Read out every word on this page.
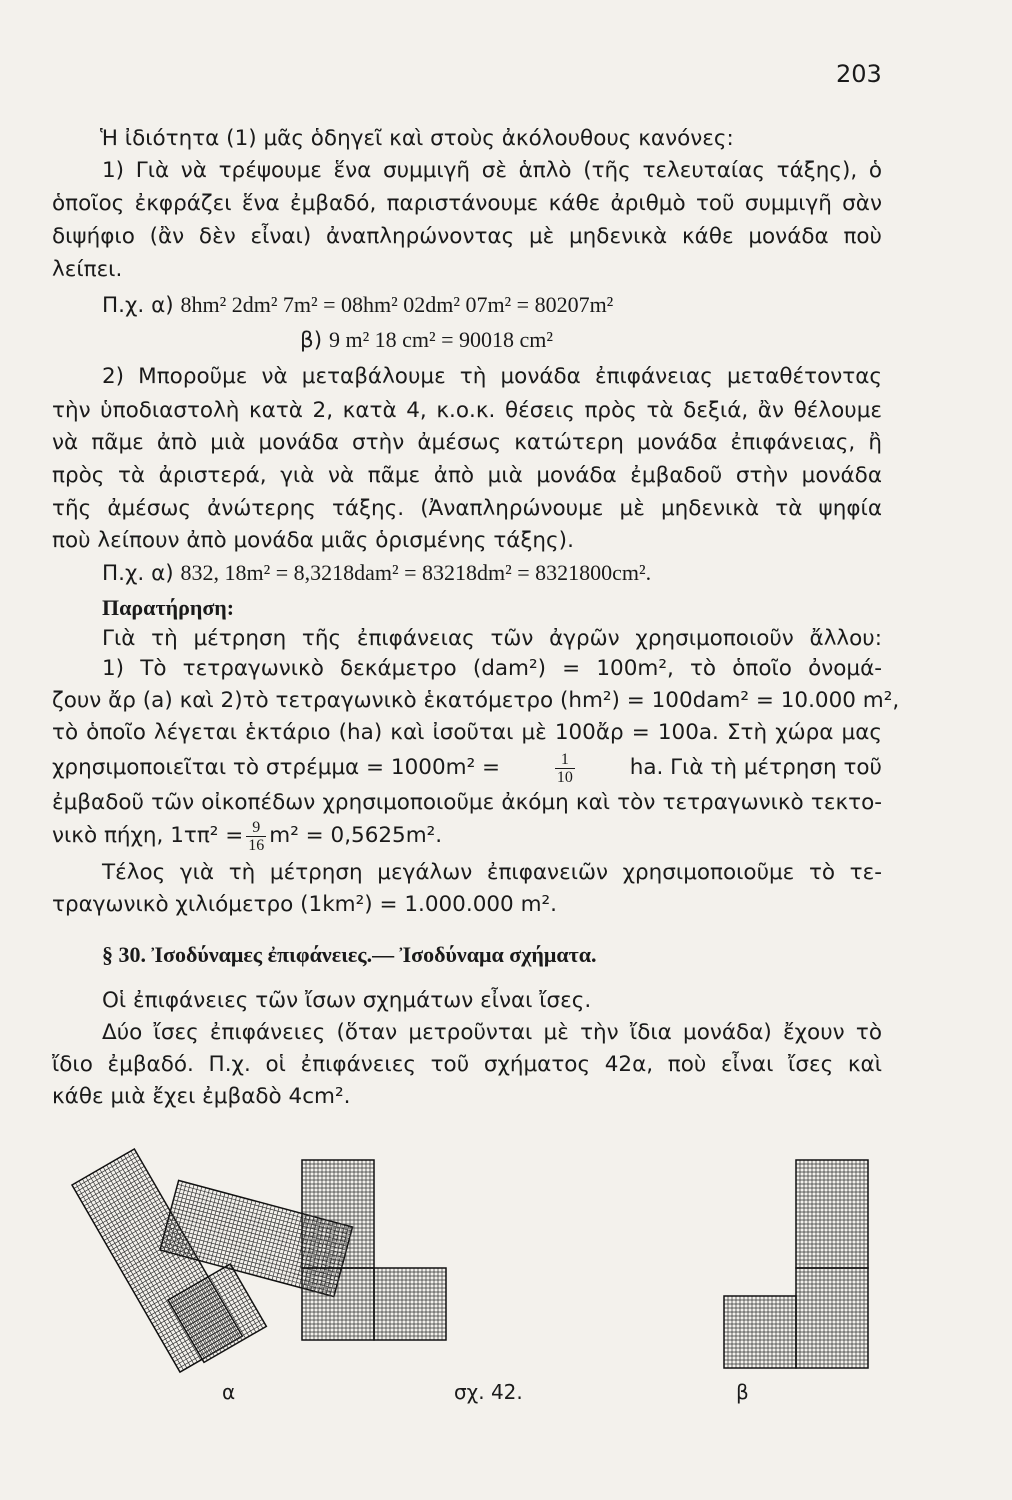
203
Ἡ ἰδιότητα (1) μᾶς ὁδηγεῖ καὶ στοὺς ἀκόλουθους κανόνες:
1) Γιὰ νὰ τρέψουμε ἕνα συμμιγῆ σὲ ἁπλὸ (τῆς τελευταίας τάξης), ὁ
ὁποῖος ἐκφράζει ἕνα ἐμβαδό, παριστάνουμε κάθε ἀριθμὸ τοῦ συμμιγῆ σὰν
διψήφιο (ἂν δὲν εἶναι) ἀναπληρώνοντας μὲ μηδενικὰ κάθε μονάδα ποὺ
λείπει.
Π.χ. α) 8hm² 2dm² 7m² = 08hm² 02dm² 07m² = 80207m²
β) 9 m² 18 cm² = 90018 cm²
2) Μποροῦμε νὰ μεταβάλουμε τὴ μονάδα ἐπιφάνειας μεταθέτοντας
τὴν ὑποδιαστολὴ κατὰ 2, κατὰ 4, κ.ο.κ. θέσεις πρὸς τὰ δεξιά, ἂν θέλουμε
νὰ πᾶμε ἀπὸ μιὰ μονάδα στὴν ἀμέσως κατώτερη μονάδα ἐπιφάνειας, ἢ
πρὸς τὰ ἀριστερά, γιὰ νὰ πᾶμε ἀπὸ μιὰ μονάδα ἐμβαδοῦ στὴν μονάδα
τῆς ἀμέσως ἀνώτερης τάξης. (Ἀναπληρώνουμε μὲ μηδενικὰ τὰ ψηφία
ποὺ λείπουν ἀπὸ μονάδα μιᾶς ὁρισμένης τάξης).
Π.χ. α) 832, 18m² = 8,3218dam² = 83218dm² = 8321800cm².
Παρατήρηση:
Γιὰ τὴ μέτρηση τῆς ἐπιφάνειας τῶν ἀγρῶν χρησιμοποιοῦν ἄλλου:
1) Τὸ τετραγωνικὸ δεκάμετρο (dam²) = 100m², τὸ ὁποῖο ὀνομά-
ζουν ἄρ (a) καὶ 2)τὸ τετραγωνικὸ ἑκατόμετρο (hm²) = 100dam² = 10.000 m²,
τὸ ὁποῖο λέγεται ἑκτάριο (ha) καὶ ἰσοῦται μὲ 100ἄρ = 100a. Στὴ χώρα μας
χρησιμοποιεῖται τὸ στρέμμα = 1000m² =	$\frac{1}{10}$	ha. Γιὰ τὴ μέτρηση τοῦ
ἐμβαδοῦ τῶν οἰκοπέδων χρησιμοποιοῦμε ἀκόμη καὶ τὸν τετραγωνικὸ τεκτο-
νικὸ πήχη, $1\tau\pi^2 = \frac{9}{16} m^2 = 0,5625m^2$.
Τέλος γιὰ τὴ μέτρηση μεγάλων ἐπιφανειῶν χρησιμοποιοῦμε τὸ τε-
τραγωνικὸ χιλιόμετρο (1km²) = 1.000.000 m².
§ 30. Ἰσοδύναμες ἐπιφάνειες.— Ἰσοδύναμα σχήματα.
Οἱ ἐπιφάνειες τῶν ἴσων σχημάτων εἶναι ἴσες.
Δύο ἴσες ἐπιφάνειες (ὅταν μετροῦνται μὲ τὴν ἴδια μονάδα) ἔχουν τὸ
ἴδιο ἐμβαδό. Π.χ. οἱ ἐπιφάνειες τοῦ σχήματος 42α, ποὺ εἶναι ἴσες καὶ
κάθε μιὰ ἔχει ἐμβαδὸ 4cm².
α	σχ. 42.	β
